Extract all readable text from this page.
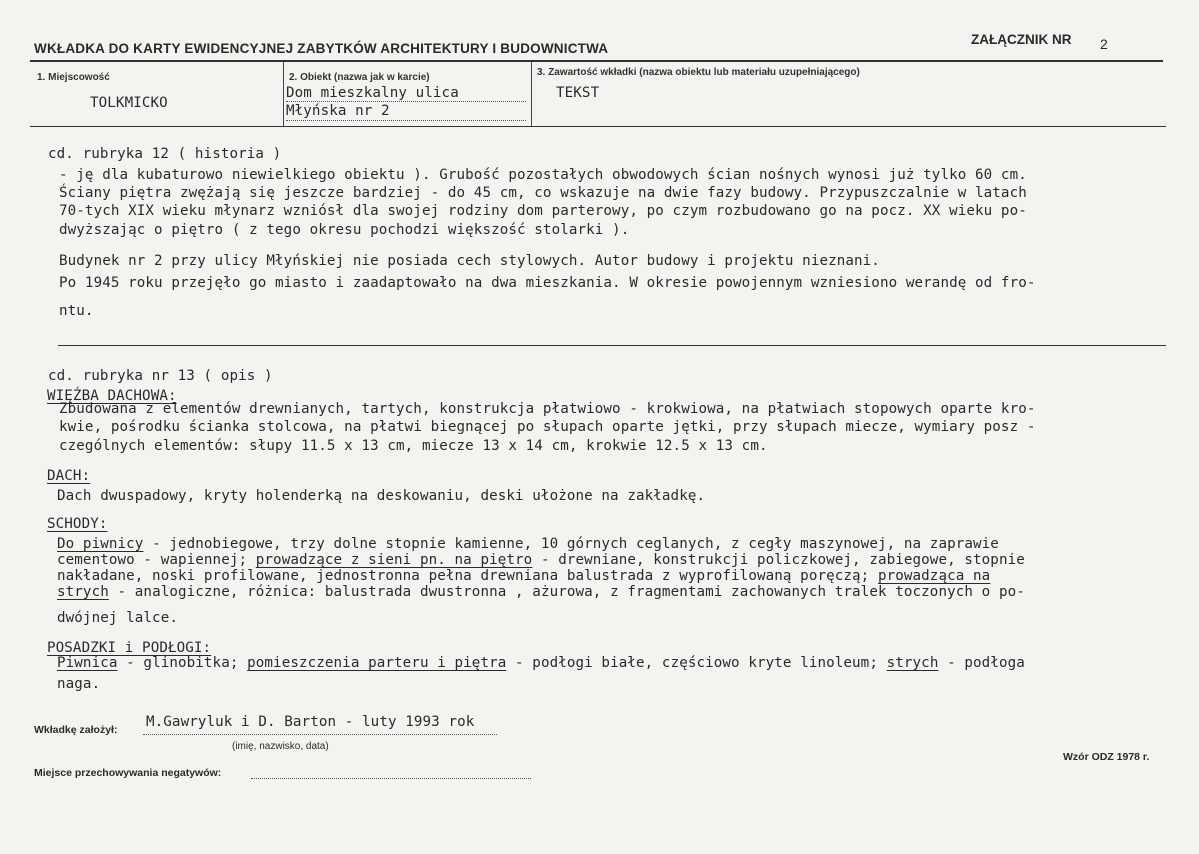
WKŁADKA DO KARTY EWIDENCYJNEJ ZABYTKÓW ARCHITEKTURY I BUDOWNICTWA
ZAŁĄCZNIK NR 2
1. Miejscowość
TOLKMICKO
2. Obiekt (nazwa jak w karcie)
Dom mieszkalny ulica
Młyńska nr 2
3. Zawartość wkładki (nazwa obiektu lub materiału uzupełniającego)
TEKST
cd. rubryka 12 ( historia )
- ję dla kubaturowo niewielkiego obiektu ). Grubość pozostałych obwodowych ścian nośnych wynosi już tylko 60 cm.
Ściany piętra zwężają się jeszcze bardziej - do 45 cm, co wskazuje na dwie fazy budowy. Przypuszczalnie w latach
70-tych XIX wieku młynarz wzniósł dla swojej rodziny dom parterowy, po czym rozbudowano go na pocz. XX wieku po-
dwyższając o piętro ( z tego okresu pochodzi większość stolarki ).
Budynek nr 2 przy ulicy Młyńskiej nie posiada cech stylowych. Autor budowy i projektu nieznani.
Po 1945 roku przejęło go miasto i zaadaptowało na dwa mieszkania. W okresie powojennym wzniesiono werandę od fro-
ntu.
cd. rubryka nr 13 ( opis )
WIĘŹBA DACHOWA:
Zbudowana z elementów drewnianych, tartych, konstrukcja płatwiowo - krokwiowa, na płatwiach stopowych oparte kro-
kwie, pośrodku ścianka stolcowa, na płatwi biegnącej po słupach oparte jętki, przy słupach miecze, wymiary posz -
czególnych elementów: słupy 11.5 x 13 cm, miecze 13 x 14 cm, krokwie 12.5 x 13 cm.
DACH:
Dach dwuspadowy, kryty holenderką na deskowaniu, deski ułożone na zakładkę.
SCHODY:
Do piwnicy - jednobiegowe, trzy dolne stopnie kamienne, 10 górnych ceglanych, z cegły maszynowej, na zaprawie
cementowo - wapiennej; prowadzące z sieni pn. na piętro - drewniane, konstrukcji policzkowej, zabiegowe, stopnie
nakładane, noski profilowane, jednostronna pełna drewniana balustrada z wyprofilowaną poręczą; prowadząca na
strych - analogiczne, różnica: balustrada dwustronna , ażurowa, z fragmentami zachowanych tralek toczonych o po-
dwójnej lalce.
POSADZKI i PODŁOGI:
Piwnica - glinobitka; pomieszczenia parteru i piętra - podłogi białe, częściowo kryte linoleum; strych - podłoga
naga.
Wkładkę założył: M.Gawryluk i D. Barton - luty 1993 rok
(imię, nazwisko, data)
Miejsce przechowywania negatywów:
Wzór ODZ 1978 r.
